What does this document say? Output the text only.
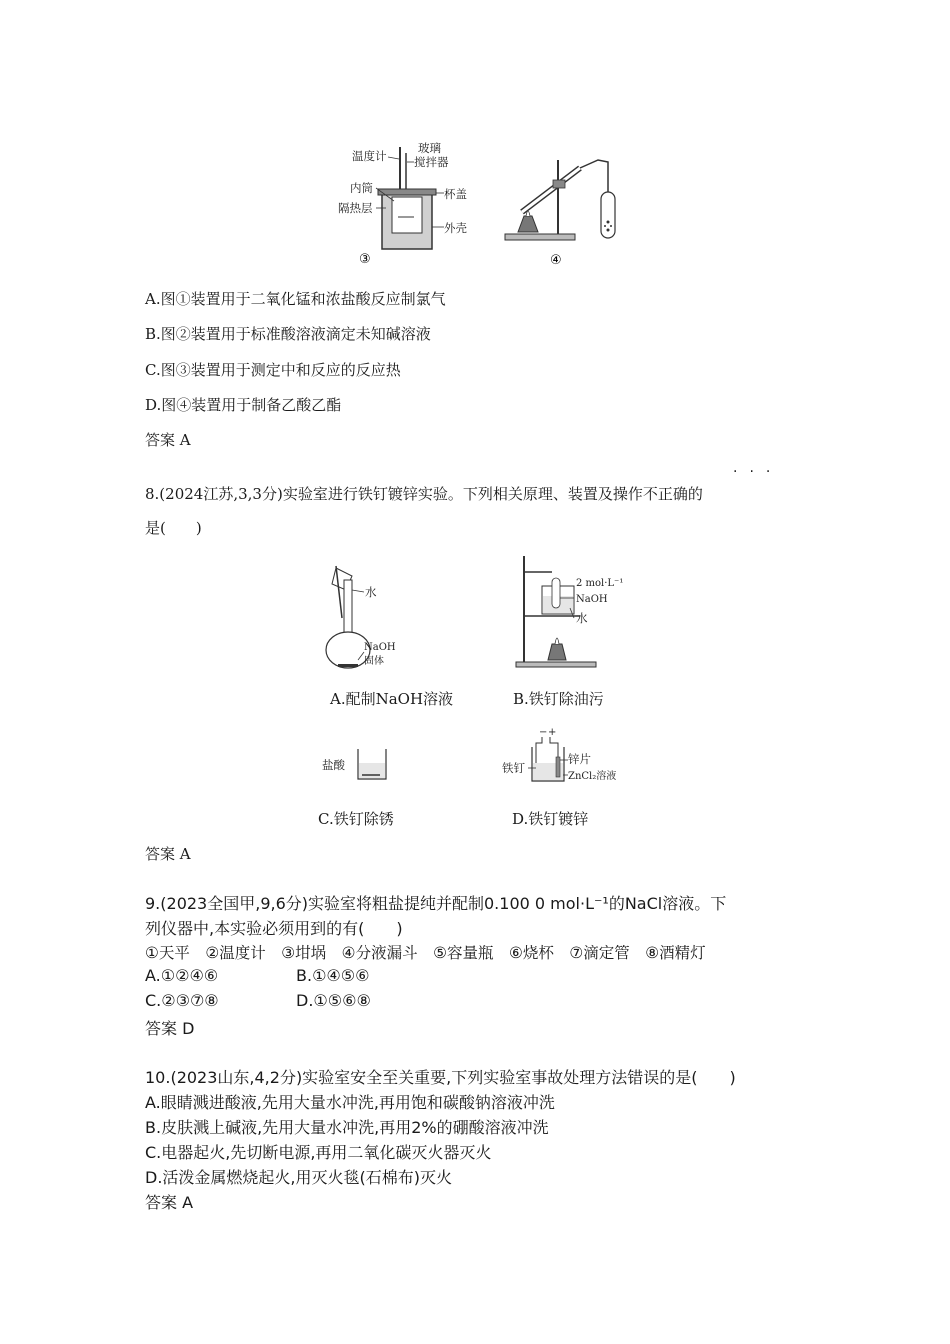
温度计
玻璃
搅拌器
内筒	杯盖
隔热层
外壳
③	④
A.图①装置用于二氧化锰和浓盐酸反应制氯气
B.图②装置用于标准酸溶液滴定未知碱溶液
C.图③装置用于测定中和反应的反应热
D.图④装置用于制备乙酸乙酯
答案 A
···
8.(2024江苏,3,3分)实验室进行铁钉镀锌实验。下列相关原理、装置及操作不正确的
是(　　)
水
NaOH
固体
A.配制NaOH溶液
2 mol·L⁻¹
NaOH
水
B.铁钉除油污
盐酸
C.铁钉除锈
− +
铁钉
锌片
ZnCl₂溶液
D.铁钉镀锌
答案 A
9.(2023全国甲,9,6分)实验室将粗盐提纯并配制0.100 0 mol·L⁻¹的NaCl溶液。下
列仪器中,本实验必须用到的有(　　)
①天平　②温度计　③坩埚　④分液漏斗　⑤容量瓶　⑥烧杯　⑦滴定管　⑧酒精灯
A.①②④⑥	B.①④⑤⑥
C.②③⑦⑧	D.①⑤⑥⑧
答案 D
10.(2023山东,4,2分)实验室安全至关重要,下列实验室事故处理方法错误的是(　　)
A.眼睛溅进酸液,先用大量水冲洗,再用饱和碳酸钠溶液冲洗
B.皮肤溅上碱液,先用大量水冲洗,再用2%的硼酸溶液冲洗
C.电器起火,先切断电源,再用二氧化碳灭火器灭火
D.活泼金属燃烧起火,用灭火毯(石棉布)灭火
答案 A
